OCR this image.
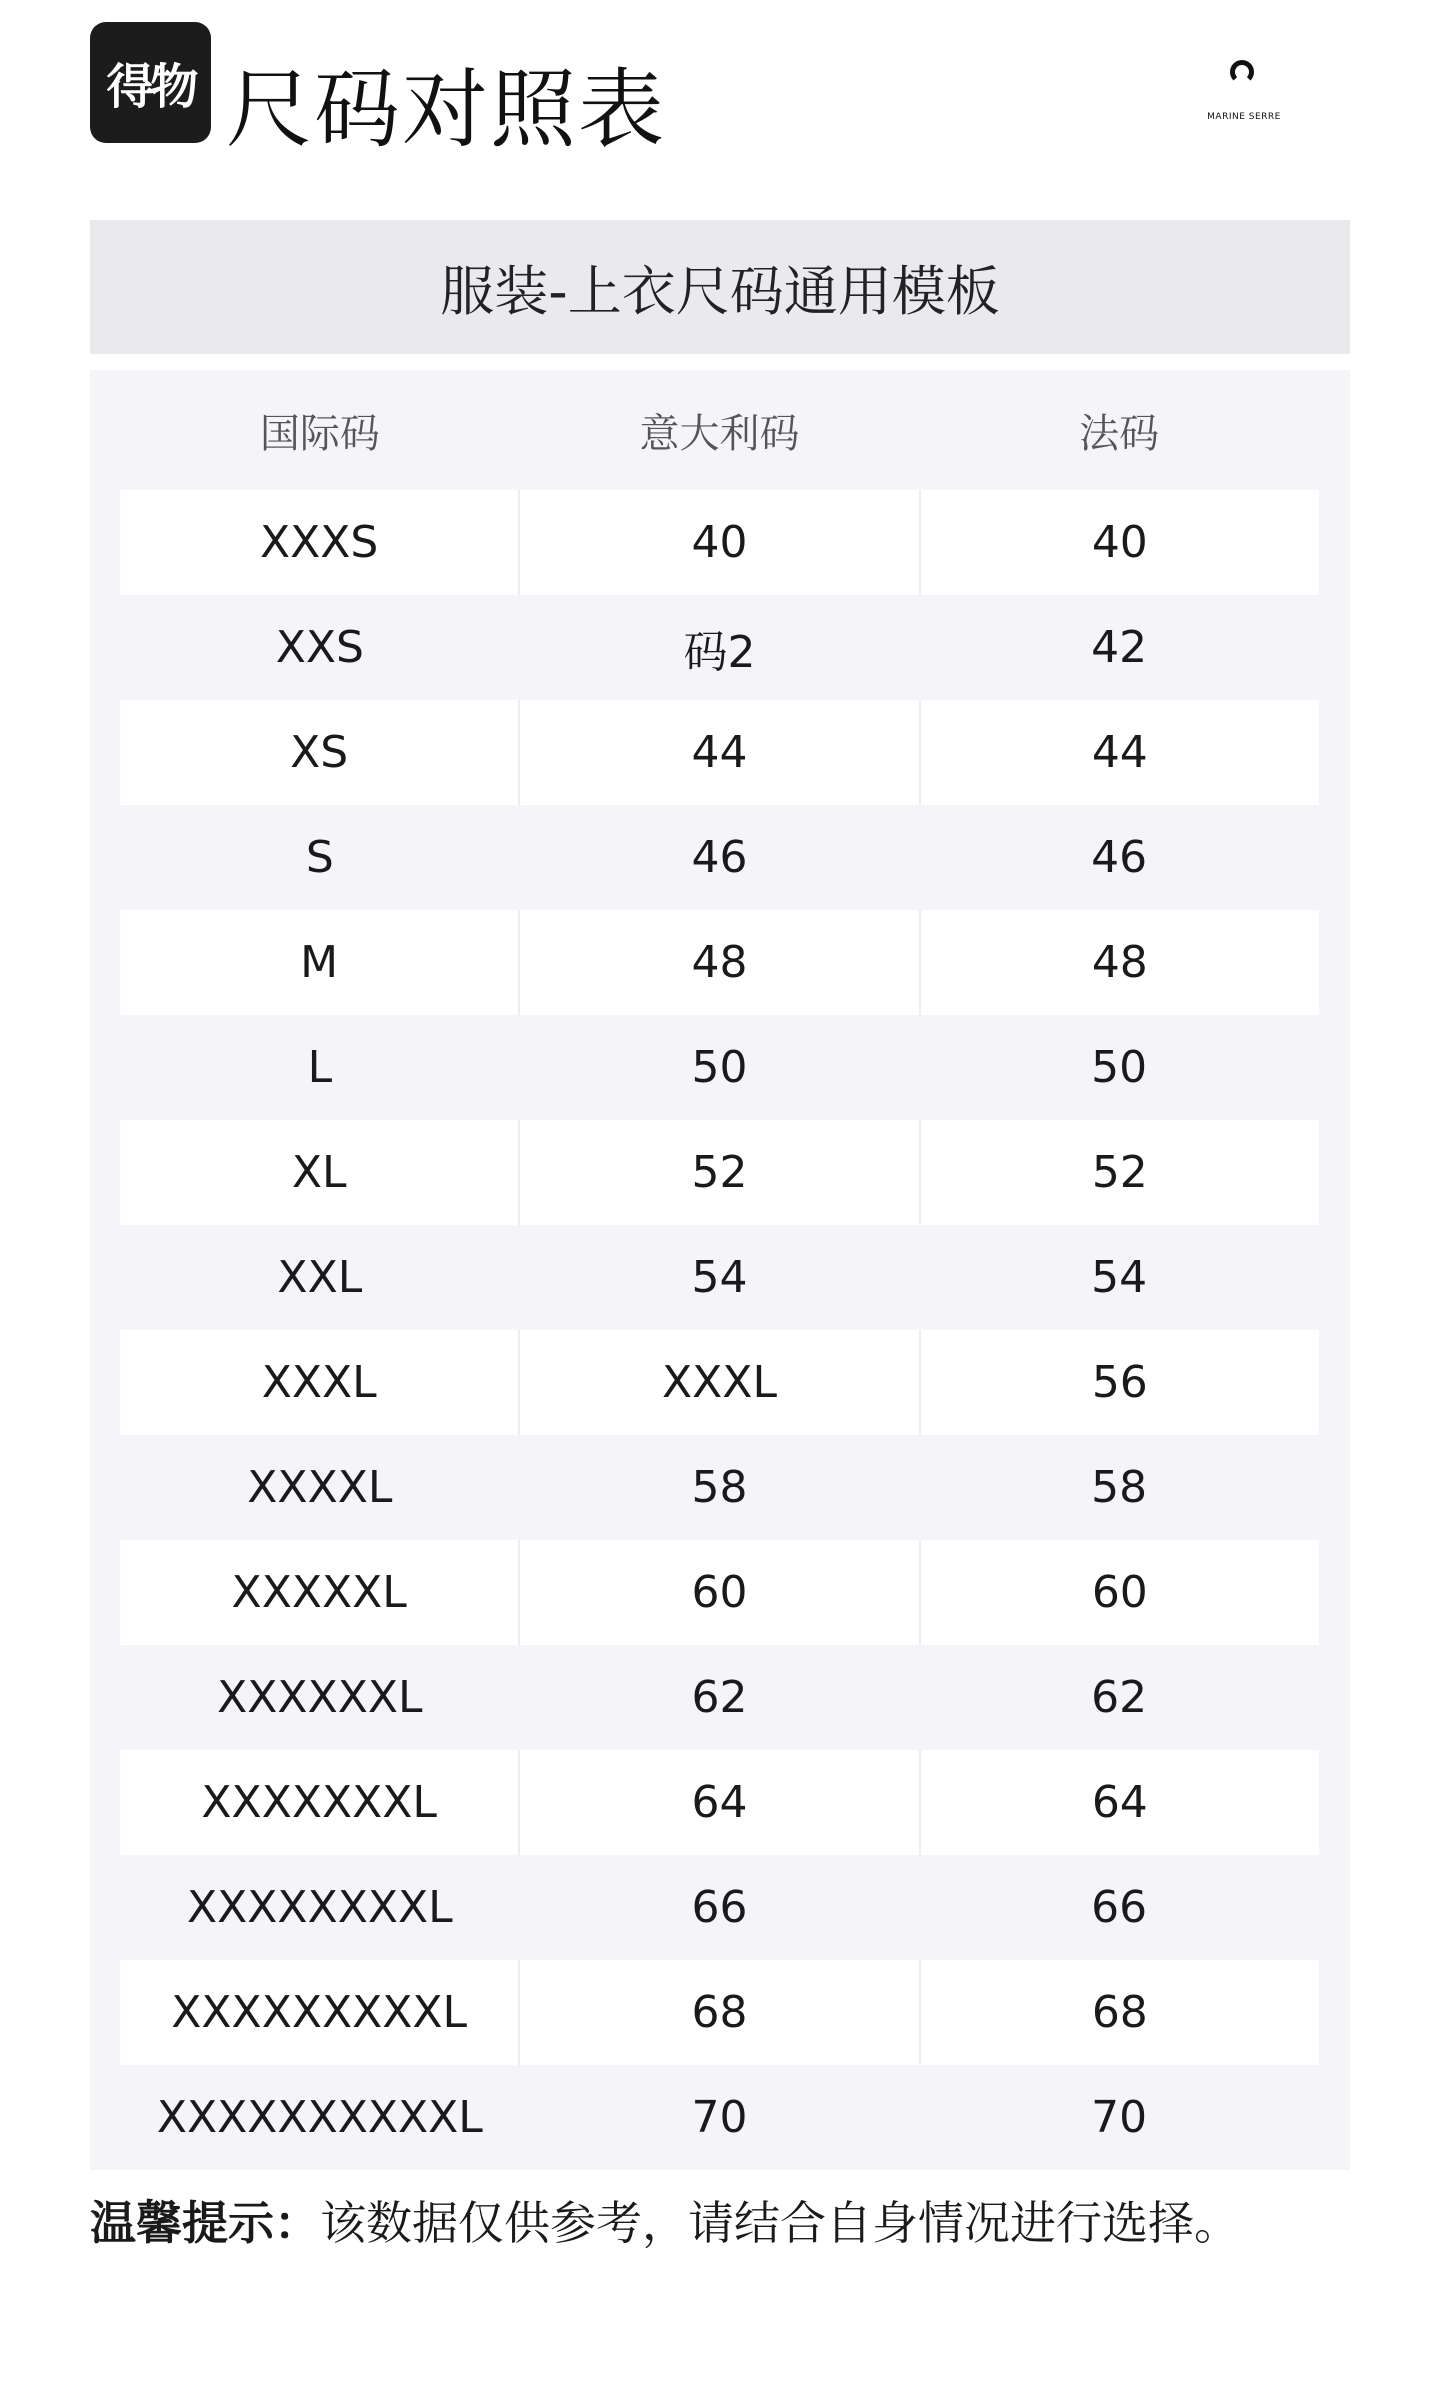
得物 尺码对照表	MARINE SERRE
服装-上衣尺码通用模板
国际码	意大利码	法码
XXXS	40	40
XXS	码2	42
XS	44	44
S	46	46
M	48	48
L	50	50
XL	52	52
XXL	54	54
XXXL	XXXL	56
XXXXL	58	58
XXXXXL	60	60
XXXXXXL	62	62
XXXXXXXL	64	64
XXXXXXXXL	66	66
XXXXXXXXXL	68	68
XXXXXXXXXXL	70	70
温馨提示：该数据仅供参考，请结合自身情况进行选择。
